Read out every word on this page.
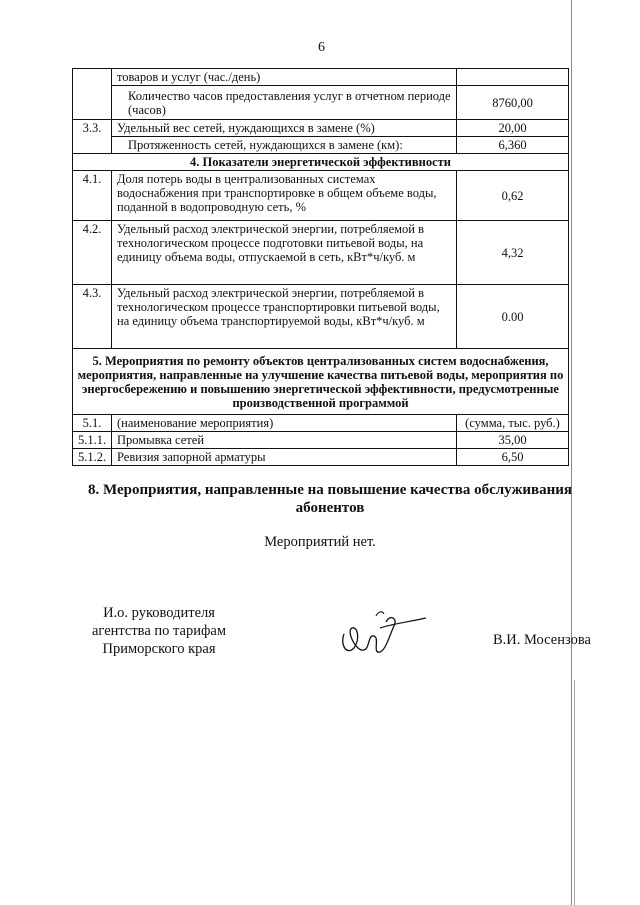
6
	товаров и услуг (час./день)	
	Количество часов предоставления услуг в отчетном периоде (часов)	8760,00
3.3.	Удельный вес сетей, нуждающихся в замене (%)	20,00
	Протяженность сетей, нуждающихся в замене (км):	6,360
4. Показатели энергетической эффективности		
4.1.	Доля потерь воды в централизованных системах водоснабжения при транспортировке в общем объеме воды, поданной в водопроводную сеть, %	0,62
4.2.	Удельный расход электрической энергии, потребляемой в технологическом процессе подготовки питьевой воды, на единицу объема воды, отпускаемой в сеть, кВт*ч/куб. м	4,32
4.3.	Удельный расход электрической энергии, потребляемой в технологическом процессе транспортировки питьевой воды, на единицу объема транспортируемой воды, кВт*ч/куб. м	0.00
5. Мероприятия по ремонту объектов централизованных систем водоснабжения, мероприятия, направленные на улучшение качества питьевой воды, мероприятия по энергосбережению и повышению энергетической эффективности, предусмотренные производственной программой		
5.1.	(наименование мероприятия)	(сумма, тыс. руб.)
5.1.1.	Промывка сетей	35,00
5.1.2.	Ревизия запорной арматуры	6,50
8. Мероприятия, направленные на повышение качества обслуживания абонентов
Мероприятий нет.
И.о. руководителя агентства по тарифам Приморского края
В.И. Мосензова
